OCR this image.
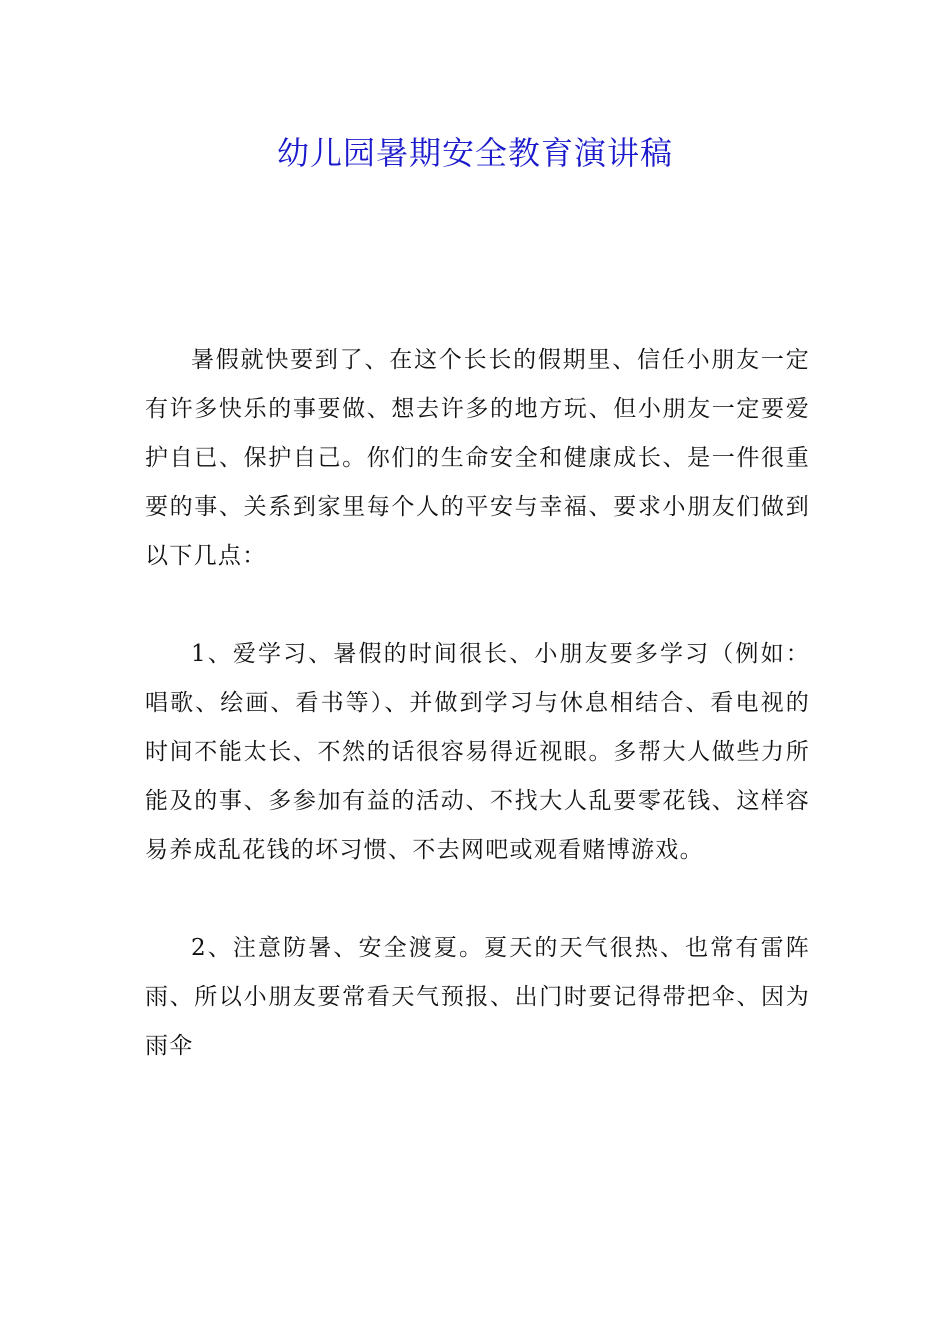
幼儿园暑期安全教育演讲稿

暑假就快要到了、在这个长长的假期里、信任小朋友一定有许多快乐的事要做、想去许多的地方玩、但小朋友一定要爱护自已、保护自己。你们的生命安全和健康成长、是一件很重要的事、关系到家里每个人的平安与幸福、要求小朋友们做到以下几点：

1、爱学习、暑假的时间很长、小朋友要多学习（例如：唱歌、绘画、看书等）、并做到学习与休息相结合、看电视的时间不能太长、不然的话很容易得近视眼。多帮大人做些力所能及的事、多参加有益的活动、不找大人乱要零花钱、这样容易养成乱花钱的坏习惯、不去网吧或观看赌博游戏。

2、注意防暑、安全渡夏。夏天的天气很热、也常有雷阵雨、所以小朋友要常看天气预报、出门时要记得带把伞、因为雨伞
